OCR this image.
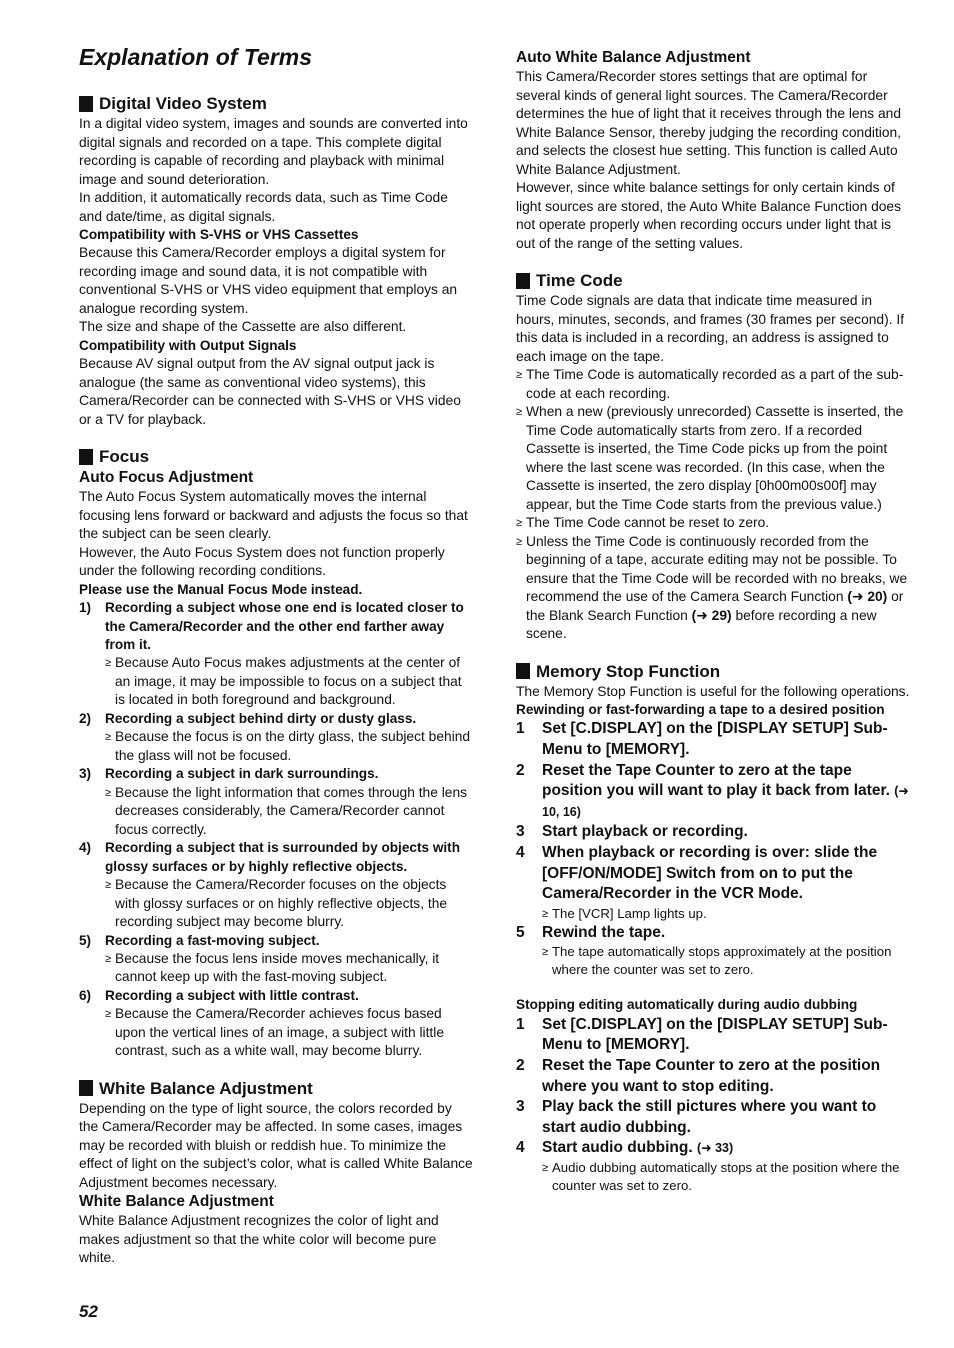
Explanation of Terms
Digital Video System

In a digital video system, images and sounds are converted into digital signals and recorded on a tape. This complete digital recording is capable of recording and playback with minimal image and sound deterioration.

In addition, it automatically records data, such as Time Code and date/time, as digital signals.

Compatibility with S-VHS or VHS Cassettes

Because this Camera/Recorder employs a digital system for recording image and sound data, it is not compatible with conventional S-VHS or VHS video equipment that employs an analogue recording system.

The size and shape of the Cassette are also different.

Compatibility with Output Signals

Because AV signal output from the AV signal output jack is analogue (the same as conventional video systems), this Camera/Recorder can be connected with S-VHS or VHS video or a TV for playback.

Focus
Auto Focus Adjustment

The Auto Focus System automatically moves the internal focusing lens forward or backward and adjusts the focus so that the subject can be seen clearly.

However, the Auto Focus System does not function properly under the following recording conditions.

Please use the Manual Focus Mode instead.
1)	Recording a subject whose one end is located closer to the Camera/Recorder and the other end farther away from it.
≥ Because Auto Focus makes adjustments at the center of an image, it may be impossible to focus on a subject that is located in both foreground and background.
2)	Recording a subject behind dirty or dusty glass.
≥ Because the focus is on the dirty glass, the subject behind the glass will not be focused.
3)	Recording a subject in dark surroundings.
≥ Because the light information that comes through the lens decreases considerably, the Camera/Recorder cannot focus correctly.
4)	Recording a subject that is surrounded by objects with glossy surfaces or by highly reflective objects.
≥ Because the Camera/Recorder focuses on the objects with glossy surfaces or on highly reflective objects, the recording subject may become blurry.
5)	Recording a fast-moving subject.
≥ Because the focus lens inside moves mechanically, it cannot keep up with the fast-moving subject.
6)	Recording a subject with little contrast.
≥ Because the Camera/Recorder achieves focus based upon the vertical lines of an image, a subject with little contrast, such as a white wall, may become blurry.
White Balance Adjustment

Depending on the type of light source, the colors recorded by the Camera/Recorder may be affected. In some cases, images may be recorded with bluish or reddish hue. To minimize the effect of light on the subject’s color, what is called White Balance Adjustment becomes necessary.

White Balance Adjustment

White Balance Adjustment recognizes the color of light and makes adjustment so that the white color will become pure white.

Auto White Balance Adjustment

This Camera/Recorder stores settings that are optimal for several kinds of general light sources. The Camera/Recorder determines the hue of light that it receives through the lens and White Balance Sensor, thereby judging the recording condition, and selects the closest hue setting. This function is called Auto White Balance Adjustment.

However, since white balance settings for only certain kinds of light sources are stored, the Auto White Balance Function does not operate properly when recording occurs under light that is out of the range of the setting values.

Time Code

Time Code signals are data that indicate time measured in hours, minutes, seconds, and frames (30 frames per second). If this data is included in a recording, an address is assigned to each image on the tape.

≥ The Time Code is automatically recorded as a part of the sub-code at each recording.
≥ When a new (previously unrecorded) Cassette is inserted, the Time Code automatically starts from zero. If a recorded Cassette is inserted, the Time Code picks up from the point where the last scene was recorded. (In this case, when the Cassette is inserted, the zero display [0h00m00s00f] may appear, but the Time Code starts from the previous value.)
≥ The Time Code cannot be reset to zero.
≥ Unless the Time Code is continuously recorded from the beginning of a tape, accurate editing may not be possible. To ensure that the Time Code will be recorded with no breaks, we recommend the use of the Camera Search Function (➜ 20) or the Blank Search Function (➜ 29) before recording a new scene.
Memory Stop Function

The Memory Stop Function is useful for the following operations.

Rewinding or fast-forwarding a tape to a desired position
1	Set [C.DISPLAY] on the [DISPLAY SETUP] Sub-Menu to [MEMORY].
2	Reset the Tape Counter to zero at the tape position you will want to play it back from later. (➜ 10, 16)
3	Start playback or recording.
4	When playback or recording is over: slide the [OFF/ON/MODE] Switch from on to put the Camera/Recorder in the VCR Mode.
≥ The [VCR] Lamp lights up.
5	Rewind the tape.
≥ The tape automatically stops approximately at the position where the counter was set to zero.
Stopping editing automatically during audio dubbing
1	Set [C.DISPLAY] on the [DISPLAY SETUP] Sub-Menu to [MEMORY].
2	Reset the Tape Counter to zero at the position where you want to stop editing.
3	Play back the still pictures where you want to start audio dubbing.
4	Start audio dubbing. (➜ 33)
≥ Audio dubbing automatically stops at the position where the counter was set to zero.
52
